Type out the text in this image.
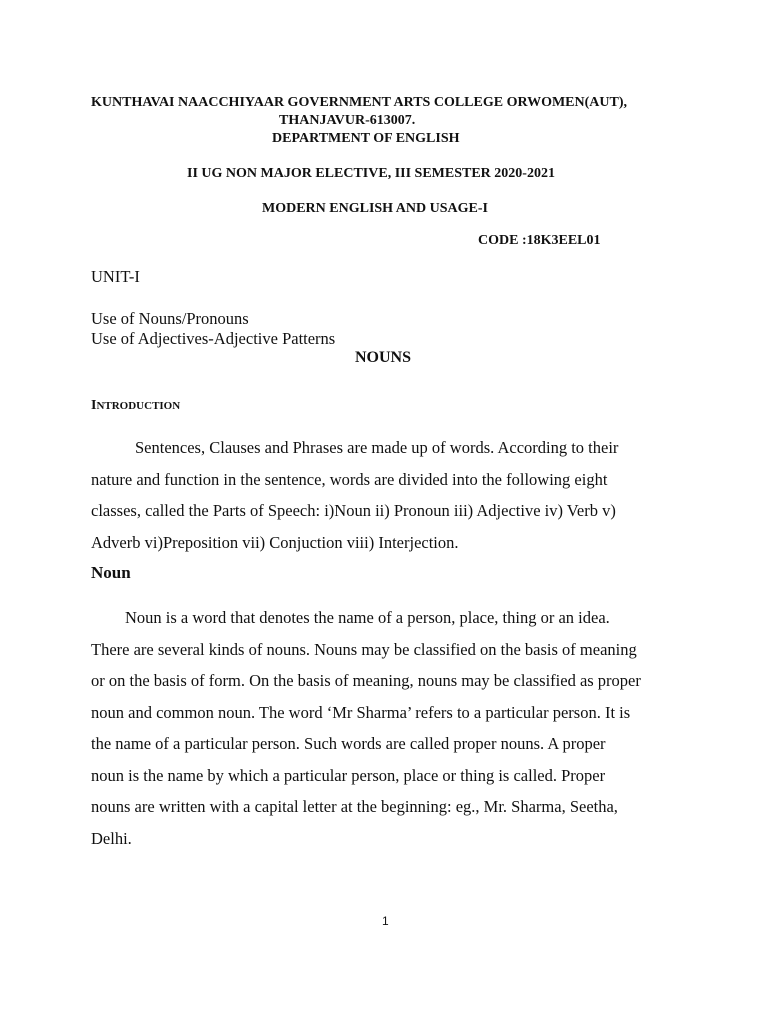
KUNTHAVAI NAACCHIYAAR GOVERNMENT ARTS COLLEGE ORWOMEN(AUT),
THANJAVUR-613007.
DEPARTMENT OF ENGLISH
II UG NON MAJOR ELECTIVE, III SEMESTER 2020-2021
MODERN ENGLISH AND USAGE-I
CODE :18K3EEL01
UNIT-I
Use of Nouns/Pronouns
Use of Adjectives-Adjective Patterns
NOUNS
INTRODUCTION
Sentences, Clauses and Phrases are made up of words. According to their
nature and function in the sentence, words are divided into the following eight
classes, called the Parts of Speech: i)Noun ii) Pronoun iii) Adjective iv) Verb v)
Adverb vi)Preposition vii) Conjuction viii) Interjection.
Noun
Noun is a word that denotes the name of a person, place, thing or an idea.
There are several kinds of nouns. Nouns may be classified on the basis of meaning
or on the basis of form. On the basis of meaning, nouns may be classified as proper
noun and common noun. The word ‘Mr Sharma’ refers to a particular person. It is
the name of a particular person. Such words are called proper nouns. A proper
noun is the name by which a particular person, place or thing is called. Proper
nouns are written with a capital letter at the beginning: eg., Mr. Sharma, Seetha,
Delhi.
1
